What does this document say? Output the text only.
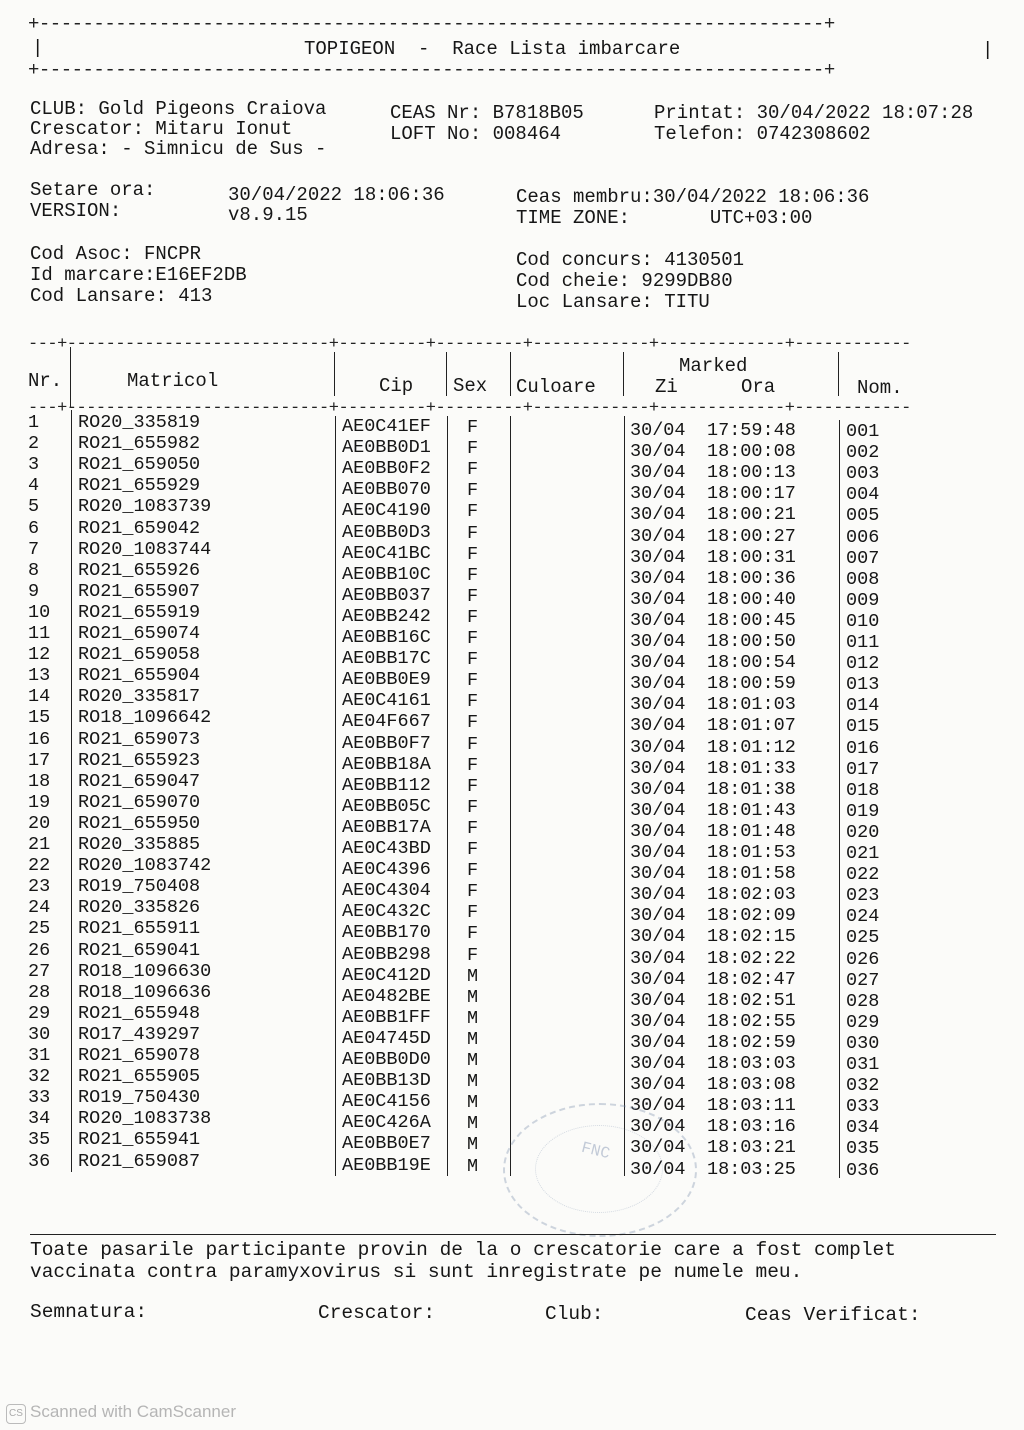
+------------------------------------------------------------------------+
|	|
TOPIGEON  -  Race Lista imbarcare
+------------------------------------------------------------------------+
CLUB: Gold Pigeons Craiova
Crescator: Mitaru Ionut
Adresa: - Simnicu de Sus -
CEAS Nr: B7818B05
LOFT No: 008464
Printat: 30/04/2022 18:07:28
Telefon: 0742308602
Setare ora:	30/04/2022 18:06:36
VERSION:	v8.9.15
Ceas membru:30/04/2022 18:06:36
TIME ZONE:       UTC+03:00
Cod Asoc: FNCPR
Id marcare:E16EF2DB
Cod Lansare: 413
Cod concurs: 4130501
Cod cheie: 9299DB80
Loc Lansare: TITU
---+---------------------------+---------+---------+------------+-------------+------------
---+---------------------------+---------+---------+------------+-------------+------------
Nr.	Matricol	Cip Sex Culoare
Marked
Zi	Ora	Nom.
1 RO20_335819	AE0C41EF F	30/04 17:59:48	001
2 RO21_655982	AE0BB0D1 F	30/04 18:00:08	002
3 RO21_659050	AE0BB0F2 F	30/04 18:00:13	003
4 RO21_655929	AE0BB070 F	30/04 18:00:17	004
5 RO20_1083739	AE0C4190 F	30/04 18:00:21	005
6 RO21_659042	AE0BB0D3 F	30/04 18:00:27	006
7 RO20_1083744	AE0C41BC F	30/04 18:00:31	007
8 RO21_655926	AE0BB10C F	30/04 18:00:36	008
9 RO21_655907	AE0BB037 F	30/04 18:00:40	009
10 RO21_655919	AE0BB242 F	30/04 18:00:45	010
11 RO21_659074	AE0BB16C F	30/04 18:00:50	011
12 RO21_659058	AE0BB17C F	30/04 18:00:54	012
13 RO21_655904	AE0BB0E9 F	30/04 18:00:59	013
14 RO20_335817	AE0C4161 F	30/04 18:01:03	014
15 RO18_1096642	AE04F667 F	30/04 18:01:07	015
16 RO21_659073	AE0BB0F7 F	30/04 18:01:12	016
17 RO21_655923	AE0BB18A F	30/04 18:01:33	017
18 RO21_659047	AE0BB112 F	30/04 18:01:38	018
19 RO21_659070	AE0BB05C F	30/04 18:01:43	019
20 RO21_655950	AE0BB17A F	30/04 18:01:48	020
21 RO20_335885	AE0C43BD F	30/04 18:01:53	021
22 RO20_1083742	AE0C4396 F	30/04 18:01:58	022
23 RO19_750408	AE0C4304 F	30/04 18:02:03	023
24 RO20_335826	AE0C432C F	30/04 18:02:09	024
25 RO21_655911	AE0BB170 F	30/04 18:02:15	025
26 RO21_659041	AE0BB298 F	30/04 18:02:22	026
27 RO18_1096630	AE0C412D M	30/04 18:02:47	027
28 RO18_1096636	AE0482BE M	30/04 18:02:51	028
29 RO21_655948	AE0BB1FF M	30/04 18:02:55	029
30 RO17_439297	AE04745D M	30/04 18:02:59	030
31 RO21_659078	AE0BB0D0 M	30/04 18:03:03	031
32 RO21_655905	AE0BB13D M	30/04 18:03:08	032
33 RO19_750430	AE0C4156 M	30/04 18:03:11	033
34 RO20_1083738	AE0C426A M	30/04 18:03:16	034
35 RO21_655941	AE0BB0E7 M	30/04 18:03:21	035
36 RO21_659087	AE0BB19E M	30/04 18:03:25	036
FNC
Toate pasarile participante provin de la o crescatorie care a fost complet
vaccinata contra paramyxovirus si sunt inregistrate pe numele meu.
Semnatura:	Crescator:	Club:	Ceas Verificat:
CS Scanned with CamScanner
